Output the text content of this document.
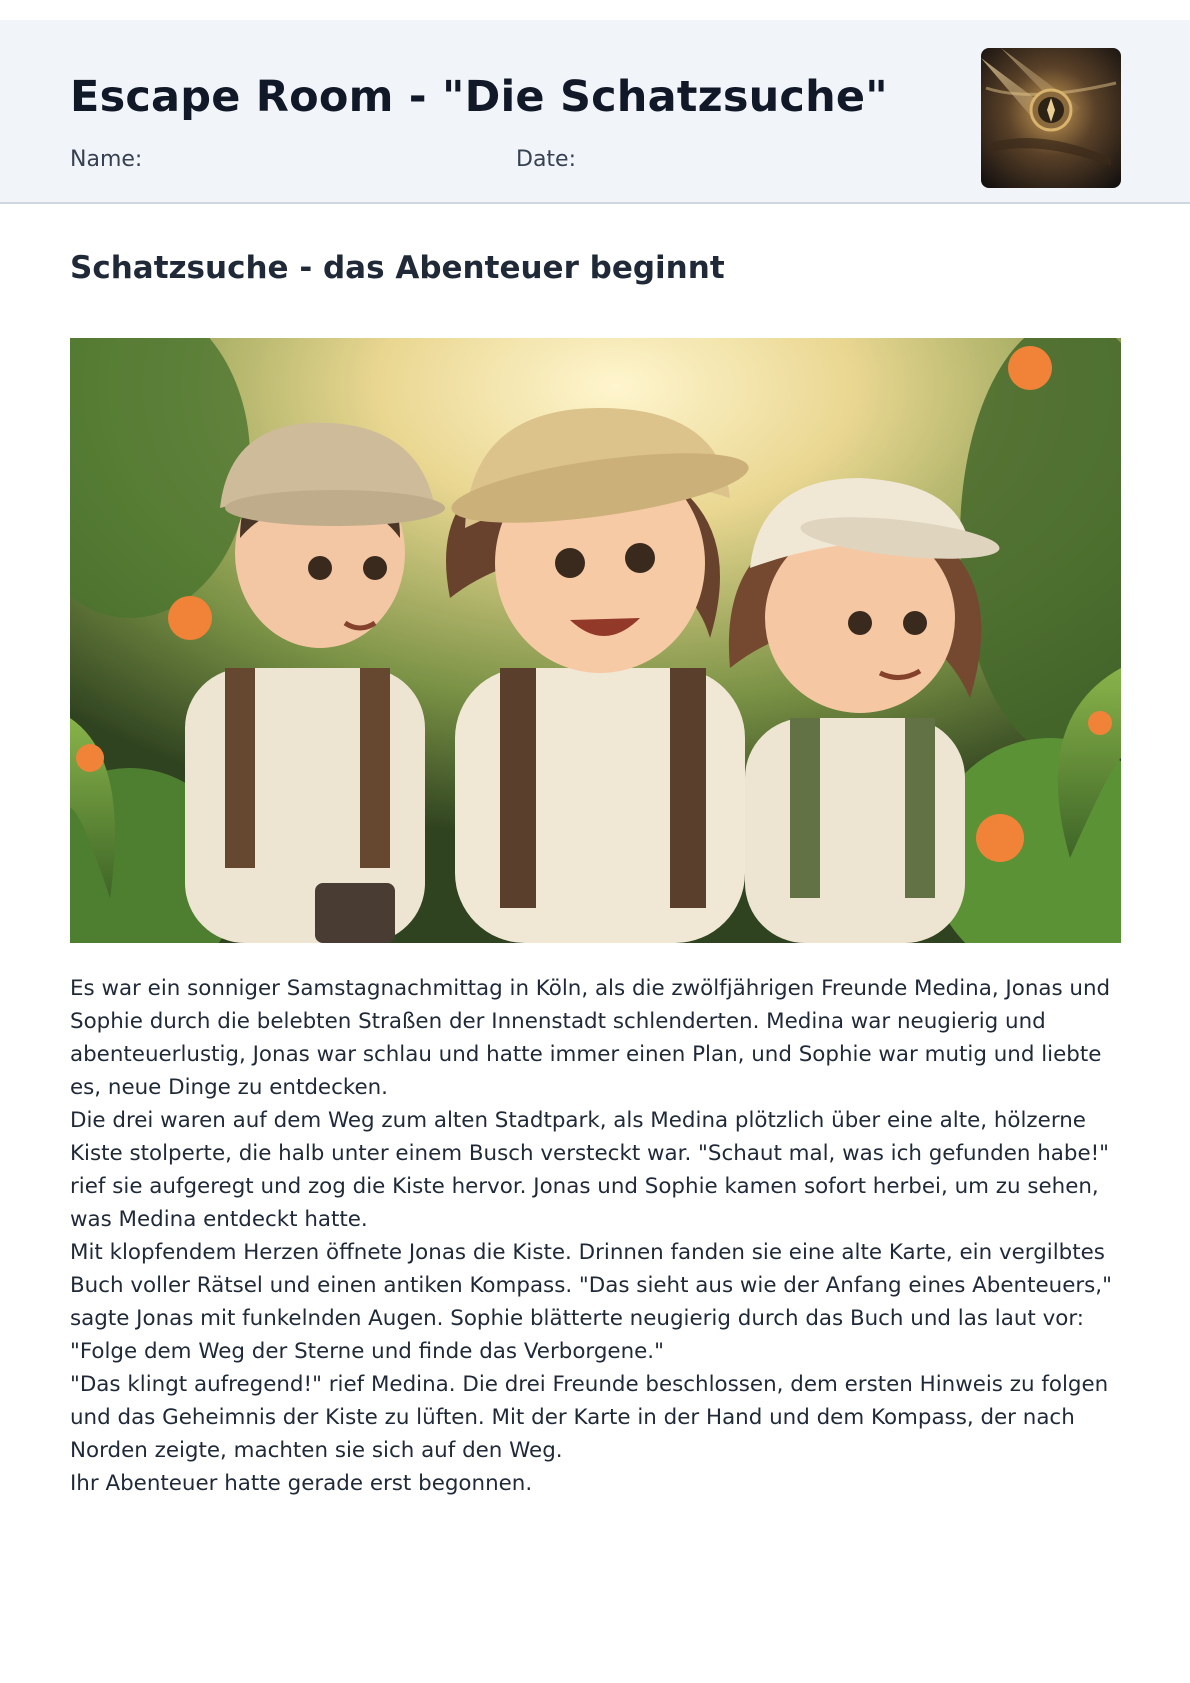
Escape Room - "Die Schatzsuche"
Name:	Date:
Schatzsuche - das Abenteuer beginnt

Es war ein sonniger Samstagnachmittag in Köln, als die zwölfjährigen Freunde Medina, Jonas und Sophie durch die belebten Straßen der Innenstadt schlenderten. Medina war neugierig und abenteuerlustig, Jonas war schlau und hatte immer einen Plan, und Sophie war mutig und liebte es, neue Dinge zu entdecken.

Die drei waren auf dem Weg zum alten Stadtpark, als Medina plötzlich über eine alte, hölzerne Kiste stolperte, die halb unter einem Busch versteckt war. "Schaut mal, was ich gefunden habe!" rief sie aufgeregt und zog die Kiste hervor. Jonas und Sophie kamen sofort herbei, um zu sehen, was Medina entdeckt hatte.

Mit klopfendem Herzen öffnete Jonas die Kiste. Drinnen fanden sie eine alte Karte, ein vergilbtes Buch voller Rätsel und einen antiken Kompass. "Das sieht aus wie der Anfang eines Abenteuers," sagte Jonas mit funkelnden Augen. Sophie blätterte neugierig durch das Buch und las laut vor: "Folge dem Weg der Sterne und finde das Verborgene."

"Das klingt aufregend!" rief Medina. Die drei Freunde beschlossen, dem ersten Hinweis zu folgen und das Geheimnis der Kiste zu lüften. Mit der Karte in der Hand und dem Kompass, der nach Norden zeigte, machten sie sich auf den Weg.

Ihr Abenteuer hatte gerade erst begonnen.
